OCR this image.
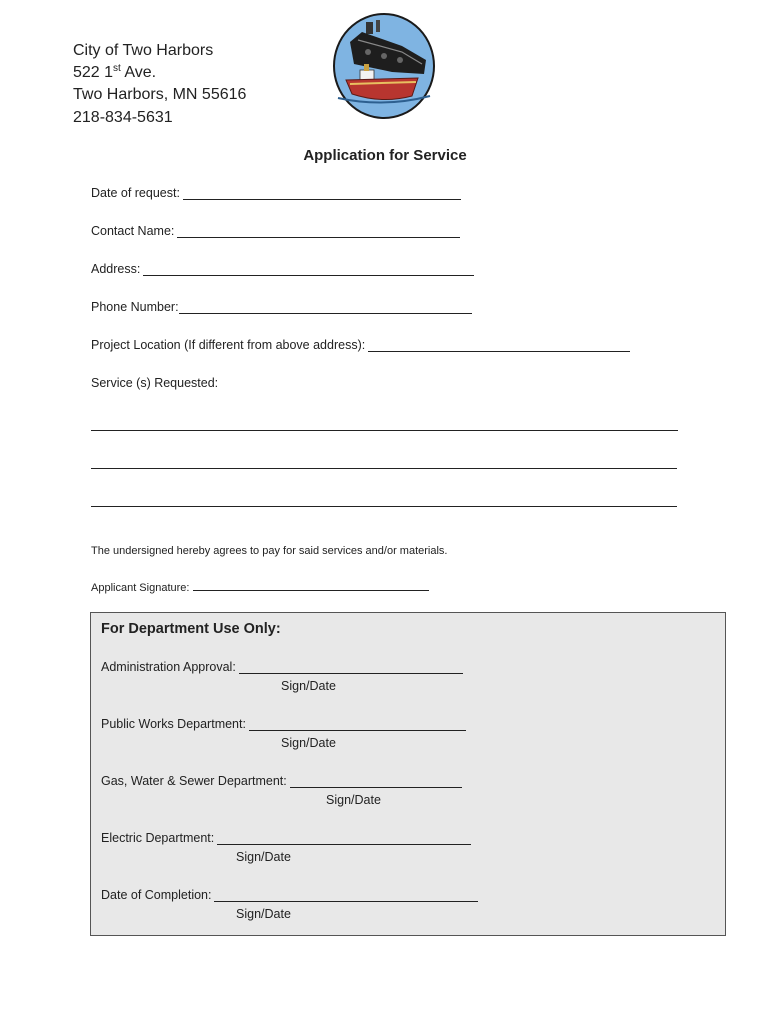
City of Two Harbors
522 1st Ave.
Two Harbors, MN 55616
218-834-5631
Application for Service
Date of request:
Contact Name:
Address:
Phone Number:
Project Location (If different from above address):
Service (s) Requested:
The undersigned hereby agrees to pay for said services and/or materials.
Applicant Signature:
For Department Use Only:
Administration Approval:
Sign/Date
Public Works Department:
Sign/Date
Gas, Water & Sewer Department:
Sign/Date
Electric Department:
Sign/Date
Date of Completion:
Sign/Date
